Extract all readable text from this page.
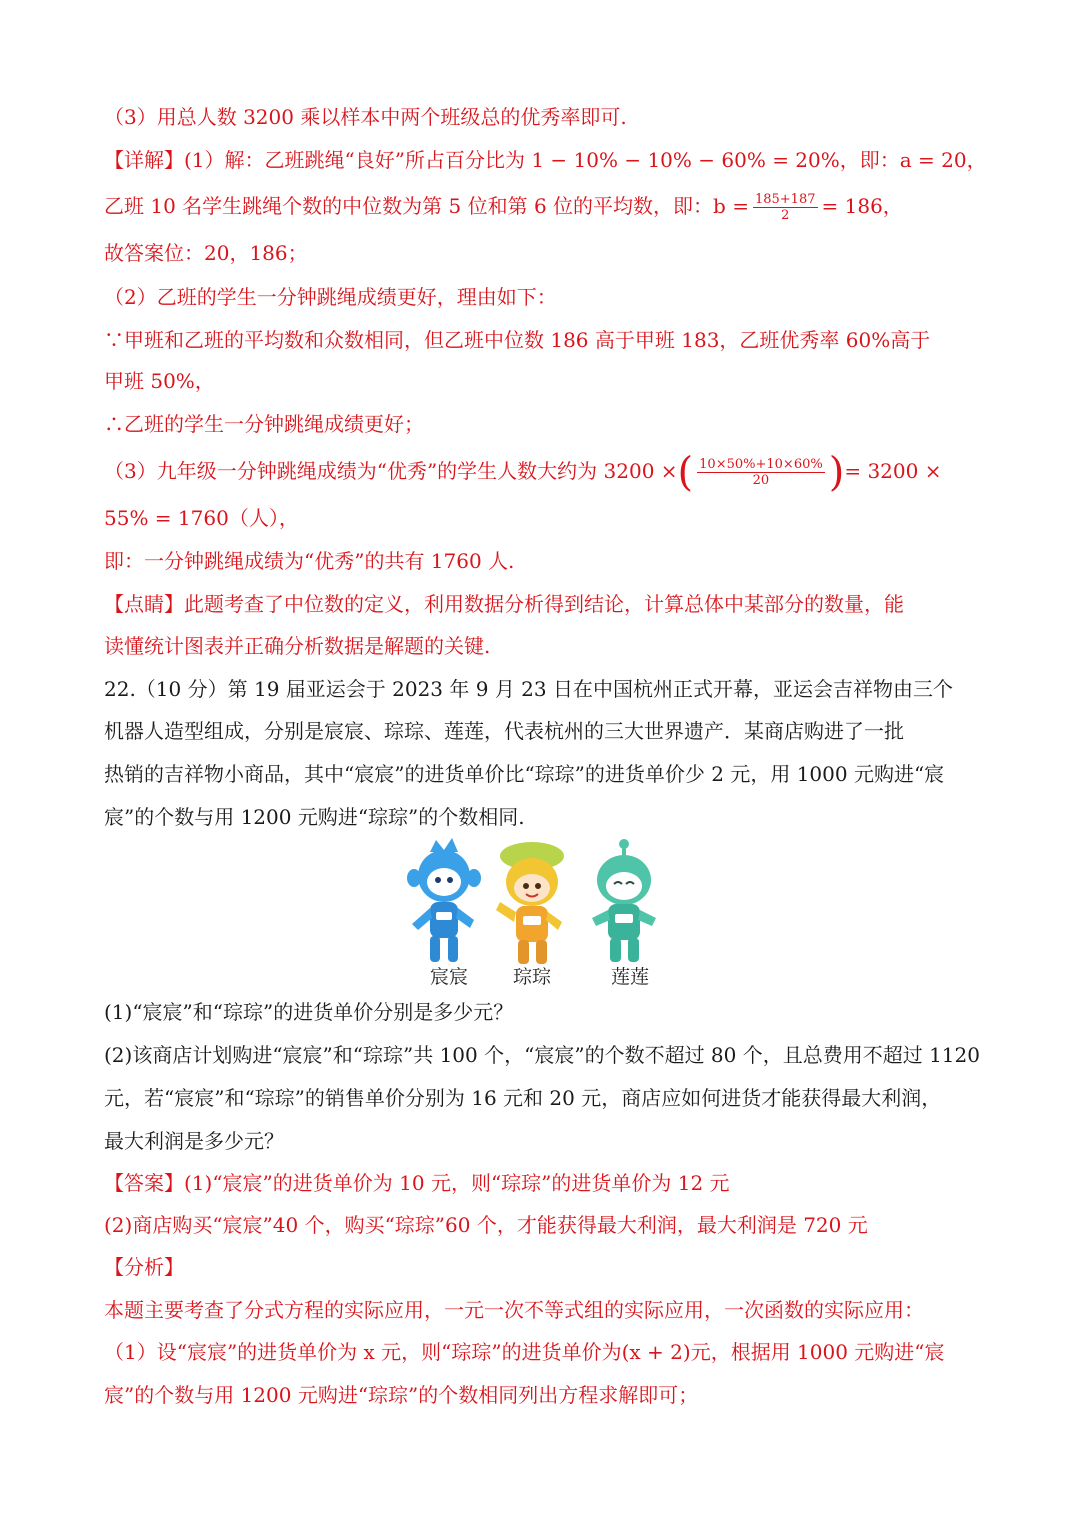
（3）用总人数 3200 乘以样本中两个班级总的优秀率即可.
【详解】(1）解：乙班跳绳“良好”所占百分比为 1 − 10% − 10% − 60% = 20%，即：a = 20，
乙班 10 名学生跳绳个数的中位数为第 5 位和第 6 位的平均数，即：$b = \frac{185+187}{2} = 186$，
故答案位：20，186；
（2）乙班的学生一分钟跳绳成绩更好，理由如下：
∵甲班和乙班的平均数和众数相同，但乙班中位数 186 高于甲班 183，乙班优秀率 60%高于
甲班 50%，
∴乙班的学生一分钟跳绳成绩更好；
（3）九年级一分钟跳绳成绩为“优秀”的学生人数大约为 3200 ×( $\frac{10\times 50\%+10\times 60\%}{20}$ )= 3200 ×
55% = 1760（人），
即：一分钟跳绳成绩为“优秀”的共有 1760 人.
【点睛】此题考查了中位数的定义，利用数据分析得到结论，计算总体中某部分的数量，能
读懂统计图表并正确分析数据是解题的关键.
22.（10 分）第 19 届亚运会于 2023 年 9 月 23 日在中国杭州正式开幕，亚运会吉祥物由三个
机器人造型组成，分别是宸宸、琮琮、莲莲，代表杭州的三大世界遗产．某商店购进了一批
热销的吉祥物小商品，其中“宸宸”的进货单价比“琮琮”的进货单价少 2 元，用 1000 元购进“宸
宸”的个数与用 1200 元购进“琮琮”的个数相同.
宸宸 琮琮	莲莲
(1)“宸宸”和“琮琮”的进货单价分别是多少元？
(2)该商店计划购进“宸宸”和“琮琮”共 100 个，“宸宸”的个数不超过 80 个，且总费用不超过 1120
元，若“宸宸”和“琮琮”的销售单价分别为 16 元和 20 元，商店应如何进货才能获得最大利润，
最大利润是多少元？
【答案】(1)“宸宸”的进货单价为 10 元，则“琮琮”的进货单价为 12 元
(2)商店购买“宸宸”40 个，购买“琮琮”60 个，才能获得最大利润，最大利润是 720 元
【分析】
本题主要考查了分式方程的实际应用，一元一次不等式组的实际应用，一次函数的实际应用：
（1）设“宸宸”的进货单价为 x 元，则“琮琮”的进货单价为(x + 2)元，根据用 1000 元购进“宸
宸”的个数与用 1200 元购进“琮琮”的个数相同列出方程求解即可；
